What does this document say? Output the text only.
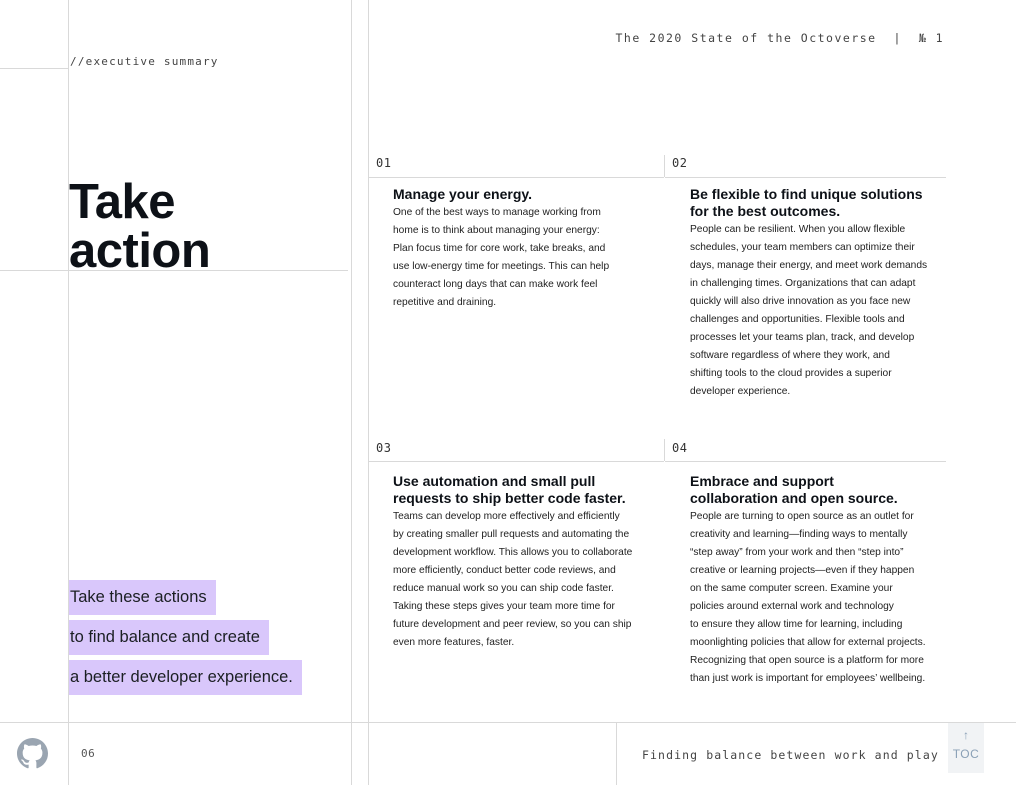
//executive summary
The 2020 State of the Octoverse  |  № 1
Take
action
Take these actions
to find balance and create
a better developer experience.
01
Manage your energy.

One of the best ways to manage working from
home is to think about managing your energy:
Plan focus time for core work, take breaks, and
use low-energy time for meetings. This can help
counteract long days that can make work feel
repetitive and draining.

02
Be flexible to find unique solutions
for the best outcomes.

People can be resilient. When you allow flexible
schedules, your team members can optimize their
days, manage their energy, and meet work demands
in challenging times. Organizations that can adapt
quickly will also drive innovation as you face new
challenges and opportunities. Flexible tools and
processes let your teams plan, track, and develop
software regardless of where they work, and
shifting tools to the cloud provides a superior
developer experience.

03
Use automation and small pull
requests to ship better code faster.

Teams can develop more effectively and efficiently
by creating smaller pull requests and automating the
development workflow. This allows you to collaborate
more efficiently, conduct better code reviews, and
reduce manual work so you can ship code faster.
Taking these steps gives your team more time for
future development and peer review, so you can ship
even more features, faster.

04
Embrace and support
collaboration and open source.

People are turning to open source as an outlet for
creativity and learning—finding ways to mentally
“step away” from your work and then “step into”
creative or learning projects—even if they happen
on the same computer screen. Examine your
policies around external work and technology
to ensure they allow time for learning, including
moonlighting policies that allow for external projects.
Recognizing that open source is a platform for more
than just work is important for employees’ wellbeing.

06	Finding balance between work and play
↑
TOC
